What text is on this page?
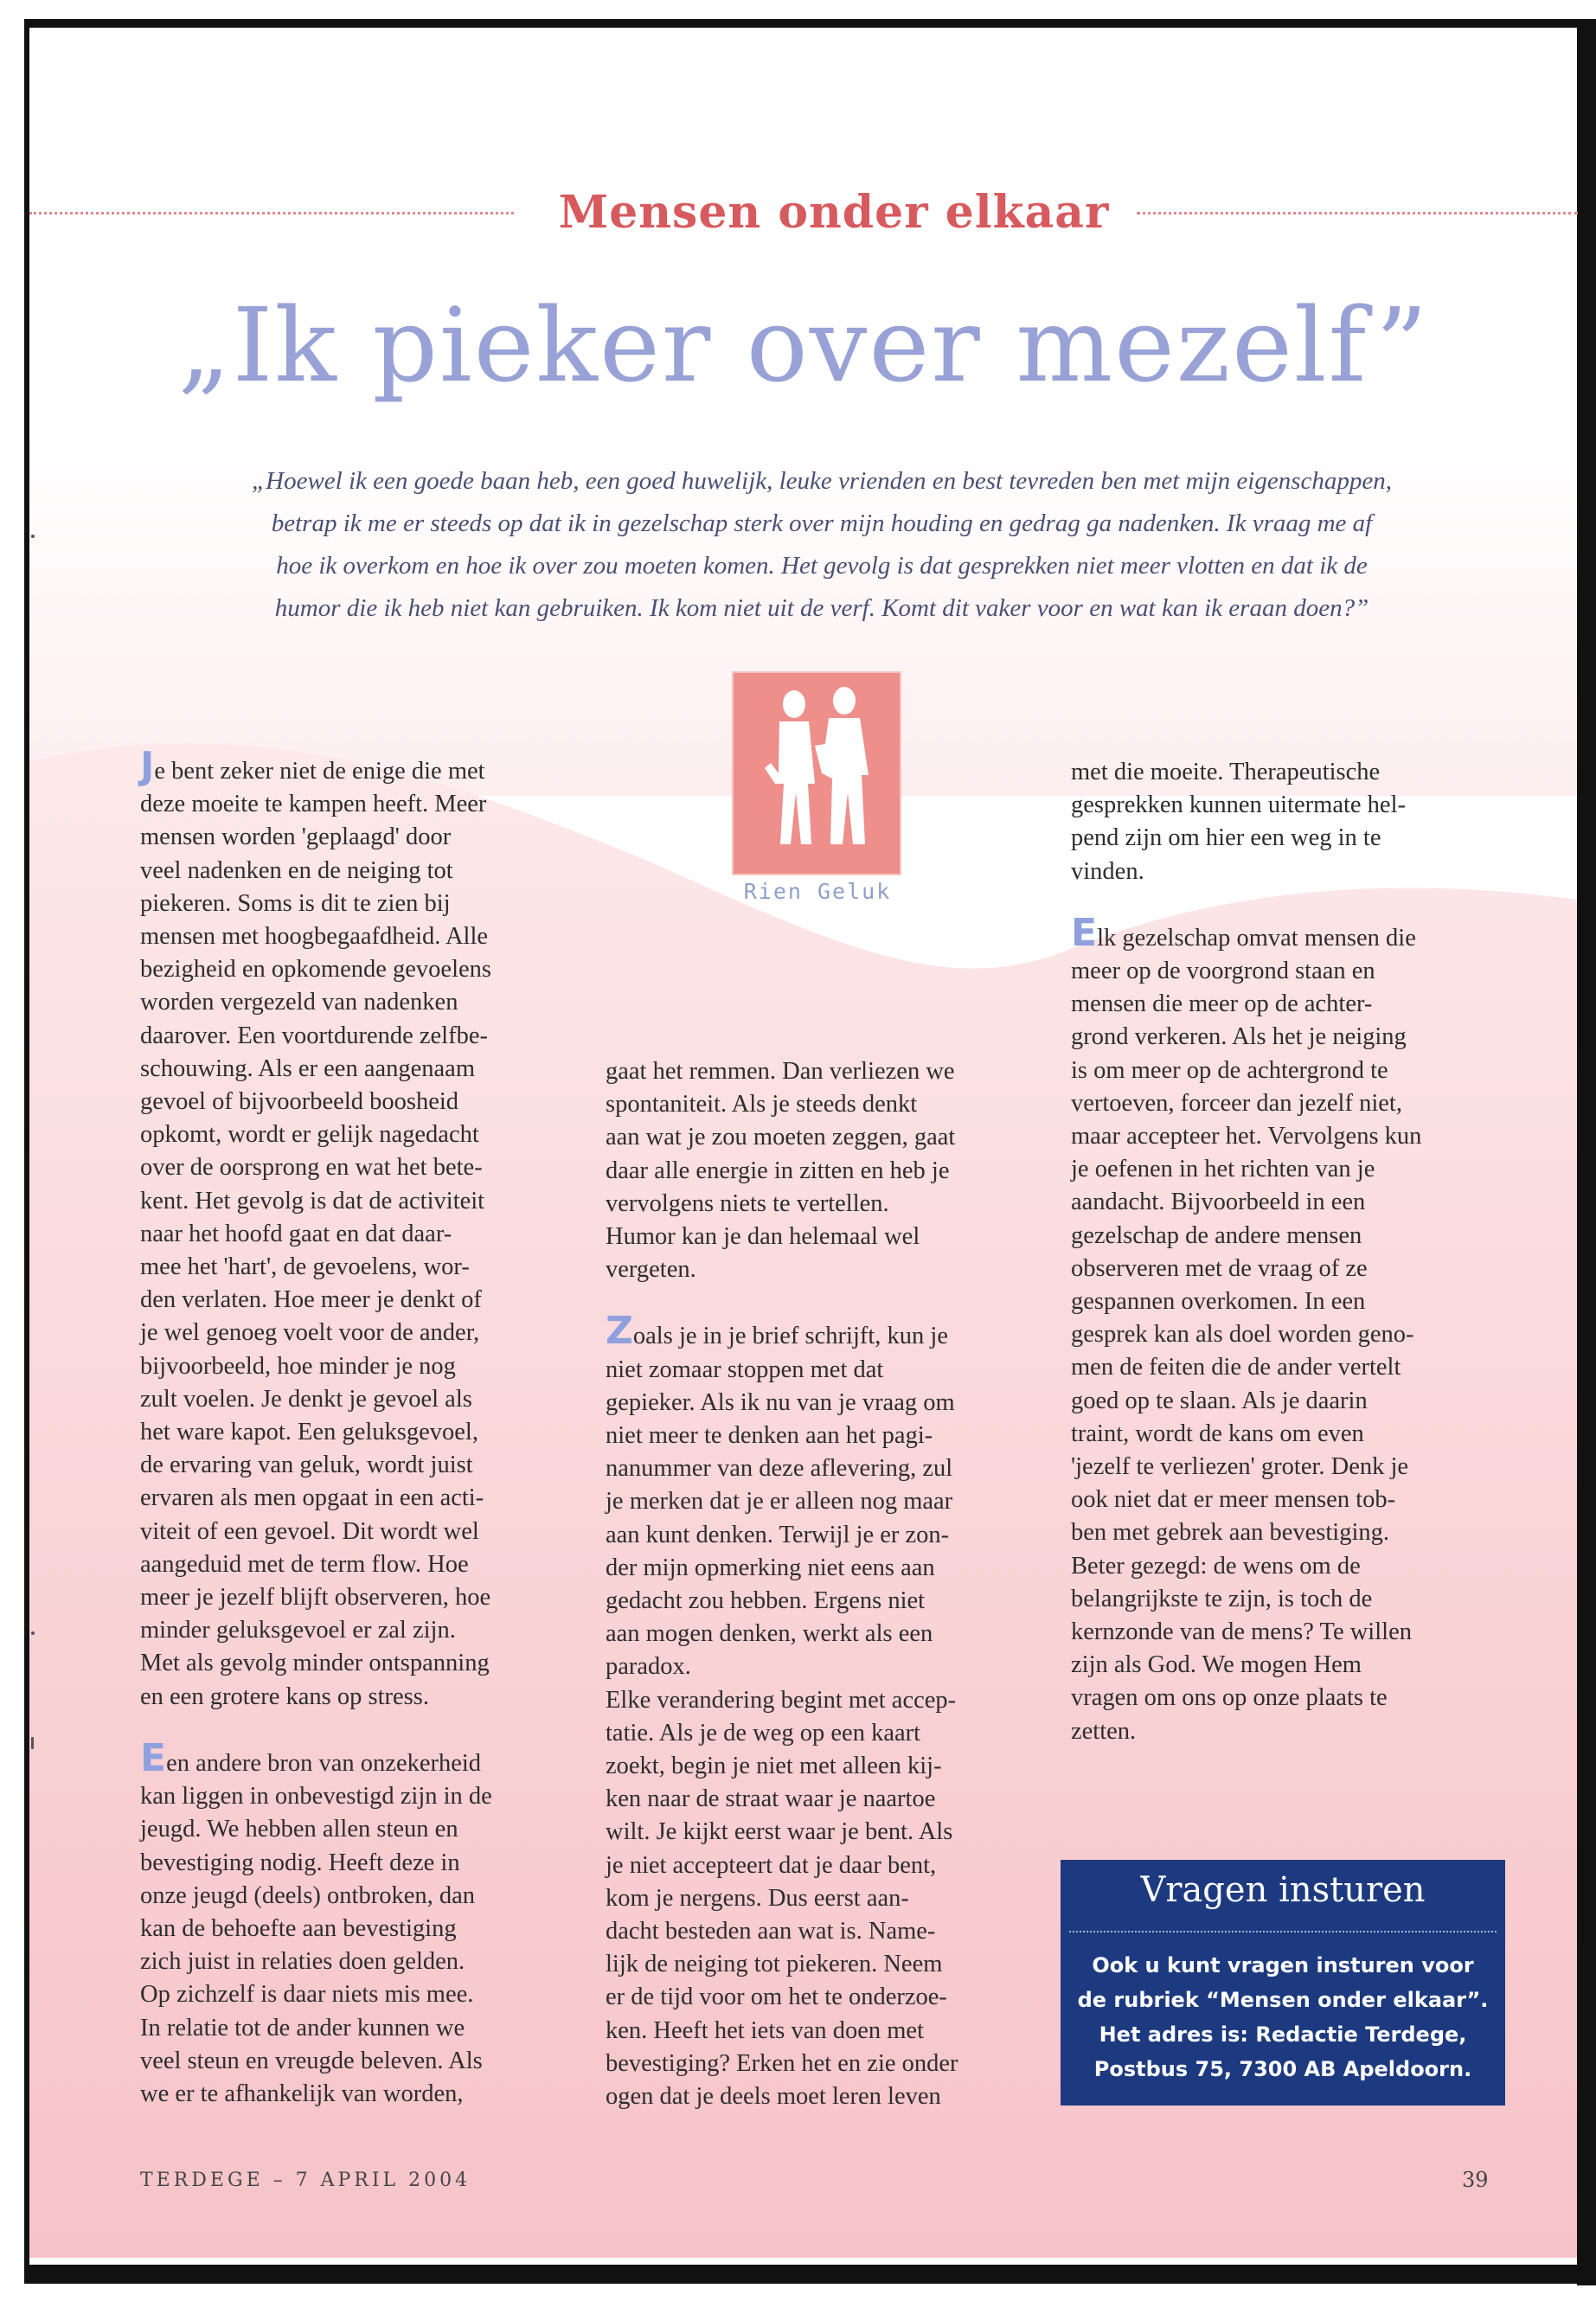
Mensen onder elkaar
„Ik pieker over mezelf”
„Hoewel ik een goede baan heb, een goed huwelijk, leuke vrienden en best tevreden ben met mijn eigenschappen,
betrap ik me er steeds op dat ik in gezelschap sterk over mijn houding en gedrag ga nadenken. Ik vraag me af
hoe ik overkom en hoe ik over zou moeten komen. Het gevolg is dat gesprekken niet meer vlotten en dat ik de
humor die ik heb niet kan gebruiken. Ik kom niet uit de verf. Komt dit vaker voor en wat kan ik eraan doen?”
Rien Geluk
Je bent zeker niet de enige die met
deze moeite te kampen heeft. Meer
mensen worden 'geplaagd' door
veel nadenken en de neiging tot
piekeren. Soms is dit te zien bij
mensen met hoogbegaafdheid. Alle
bezigheid en opkomende gevoelens
worden vergezeld van nadenken
daarover. Een voortdurende zelfbe-
schouwing. Als er een aangenaam
gevoel of bijvoorbeeld boosheid
opkomt, wordt er gelijk nagedacht
over de oorsprong en wat het bete-
kent. Het gevolg is dat de activiteit
naar het hoofd gaat en dat daar-
mee het 'hart', de gevoelens, wor-
den verlaten. Hoe meer je denkt of
je wel genoeg voelt voor de ander,
bijvoorbeeld, hoe minder je nog
zult voelen. Je denkt je gevoel als
het ware kapot. Een geluksgevoel,
de ervaring van geluk, wordt juist
ervaren als men opgaat in een acti-
viteit of een gevoel. Dit wordt wel
aangeduid met de term flow. Hoe
meer je jezelf blijft observeren, hoe
minder geluksgevoel er zal zijn.
Met als gevolg minder ontspanning
en een grotere kans op stress.
Een andere bron van onzekerheid
kan liggen in onbevestigd zijn in de
jeugd. We hebben allen steun en
bevestiging nodig. Heeft deze in
onze jeugd (deels) ontbroken, dan
kan de behoefte aan bevestiging
zich juist in relaties doen gelden.
Op zichzelf is daar niets mis mee.
In relatie tot de ander kunnen we
veel steun en vreugde beleven. Als
we er te afhankelijk van worden,
gaat het remmen. Dan verliezen we
spontaniteit. Als je steeds denkt
aan wat je zou moeten zeggen, gaat
daar alle energie in zitten en heb je
vervolgens niets te vertellen.
Humor kan je dan helemaal wel
vergeten.
Zoals je in je brief schrijft, kun je
niet zomaar stoppen met dat
gepieker. Als ik nu van je vraag om
niet meer te denken aan het pagi-
nanummer van deze aflevering, zul
je merken dat je er alleen nog maar
aan kunt denken. Terwijl je er zon-
der mijn opmerking niet eens aan
gedacht zou hebben. Ergens niet
aan mogen denken, werkt als een
paradox.
Elke verandering begint met accep-
tatie. Als je de weg op een kaart
zoekt, begin je niet met alleen kij-
ken naar de straat waar je naartoe
wilt. Je kijkt eerst waar je bent. Als
je niet accepteert dat je daar bent,
kom je nergens. Dus eerst aan-
dacht besteden aan wat is. Name-
lijk de neiging tot piekeren. Neem
er de tijd voor om het te onderzoe-
ken. Heeft het iets van doen met
bevestiging? Erken het en zie onder
ogen dat je deels moet leren leven
met die moeite. Therapeutische
gesprekken kunnen uitermate hel-
pend zijn om hier een weg in te
vinden.
Elk gezelschap omvat mensen die
meer op de voorgrond staan en
mensen die meer op de achter-
grond verkeren. Als het je neiging
is om meer op de achtergrond te
vertoeven, forceer dan jezelf niet,
maar accepteer het. Vervolgens kun
je oefenen in het richten van je
aandacht. Bijvoorbeeld in een
gezelschap de andere mensen
observeren met de vraag of ze
gespannen overkomen. In een
gesprek kan als doel worden geno-
men de feiten die de ander vertelt
goed op te slaan. Als je daarin
traint, wordt de kans om even
'jezelf te verliezen' groter. Denk je
ook niet dat er meer mensen tob-
ben met gebrek aan bevestiging.
Beter gezegd: de wens om de
belangrijkste te zijn, is toch de
kernzonde van de mens? Te willen
zijn als God. We mogen Hem
vragen om ons op onze plaats te
zetten.
Vragen insturen
Ook u kunt vragen insturen voor
de rubriek “Mensen onder elkaar”.
Het adres is: Redactie Terdege,
Postbus 75, 7300 AB Apeldoorn.
TERDEGE – 7 APRIL 2004	39
